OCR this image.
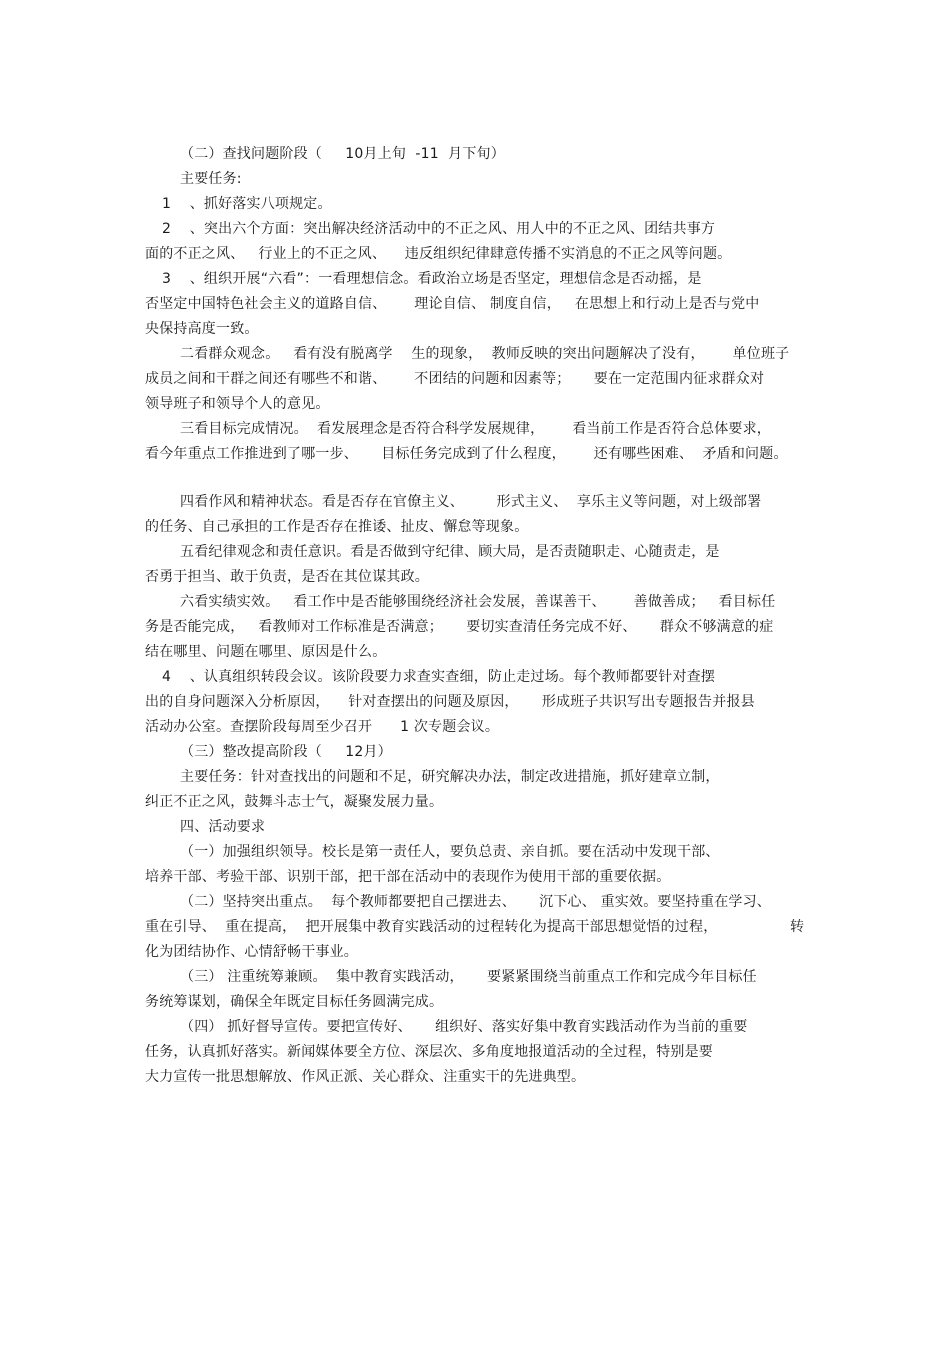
（二）查找问题阶段（     10月上旬  -11  月下旬）
主要任务:
1    、抓好落实八项规定。
2    、突出六个方面：突出解决经济活动中的不正之风、用人中的不正之风、团结共事方
面的不正之风、   行业上的不正之风、    违反组织纪律肆意传播不实消息的不正之风等问题。
3    、组织开展“六看”：一看理想信念。看政治立场是否坚定，理想信念是否动摇，是
否坚定中国特色社会主义的道路自信、      理论自信、 制度自信，   在思想上和行动上是否与党中
央保持高度一致。
二看群众观念。   看有没有脱离学    生的现象，  教师反映的突出问题解决了没有，      单位班子
成员之间和干群之间还有哪些不和谐、      不团结的问题和因素等；     要在一定范围内征求群众对
领导班子和领导个人的意见。
三看目标完成情况。  看发展理念是否符合科学发展规律，      看当前工作是否符合总体要求，
看今年重点工作推进到了哪一步、     目标任务完成到了什么程度，      还有哪些困难、  矛盾和问题。
四看作风和精神状态。看是否存在官僚主义、       形式主义、  享乐主义等问题，对上级部署
的任务、自己承担的工作是否存在推诿、扯皮、懈怠等现象。
五看纪律观念和责任意识。看是否做到守纪律、顾大局，是否责随职走、心随责走，是
否勇于担当、敢于负责，是否在其位谋其政。
六看实绩实效。   看工作中是否能够围绕经济社会发展，善谋善干、      善做善成；   看目标任
务是否能完成，   看教师对工作标准是否满意；     要切实查清任务完成不好、     群众不够满意的症
结在哪里、问题在哪里、原因是什么。
4    、认真组织转段会议。该阶段要力求查实查细，防止走过场。每个教师都要针对查摆
出的自身问题深入分析原因，    针对查摆出的问题及原因，     形成班子共识写出专题报告并报县
活动办公室。查摆阶段每周至少召开      1 次专题会议。
（三）整改提高阶段（     12月）
主要任务：针对查找出的问题和不足，研究解决办法，制定改进措施，抓好建章立制，
纠正不正之风，鼓舞斗志士气，凝聚发展力量。
四、活动要求
（一）加强组织领导。校长是第一责任人，要负总责、亲自抓。要在活动中发现干部、
培养干部、考验干部、识别干部，把干部在活动中的表现作为使用干部的重要依据。
（二）坚持突出重点。  每个教师都要把自己摆进去、     沉下心、 重实效。要坚持重在学习、
重在引导、  重在提高，  把开展集中教育实践活动的过程转化为提高干部思想觉悟的过程，	转
化为团结协作、心情舒畅干事业。
（三） 注重统筹兼顾。  集中教育实践活动，     要紧紧围绕当前重点工作和完成今年目标任
务统筹谋划，确保全年既定目标任务圆满完成。
（四） 抓好督导宣传。要把宣传好、     组织好、落实好集中教育实践活动作为当前的重要
任务，认真抓好落实。新闻媒体要全方位、深层次、多角度地报道活动的全过程，特别是要
大力宣传一批思想解放、作风正派、关心群众、注重实干的先进典型。
